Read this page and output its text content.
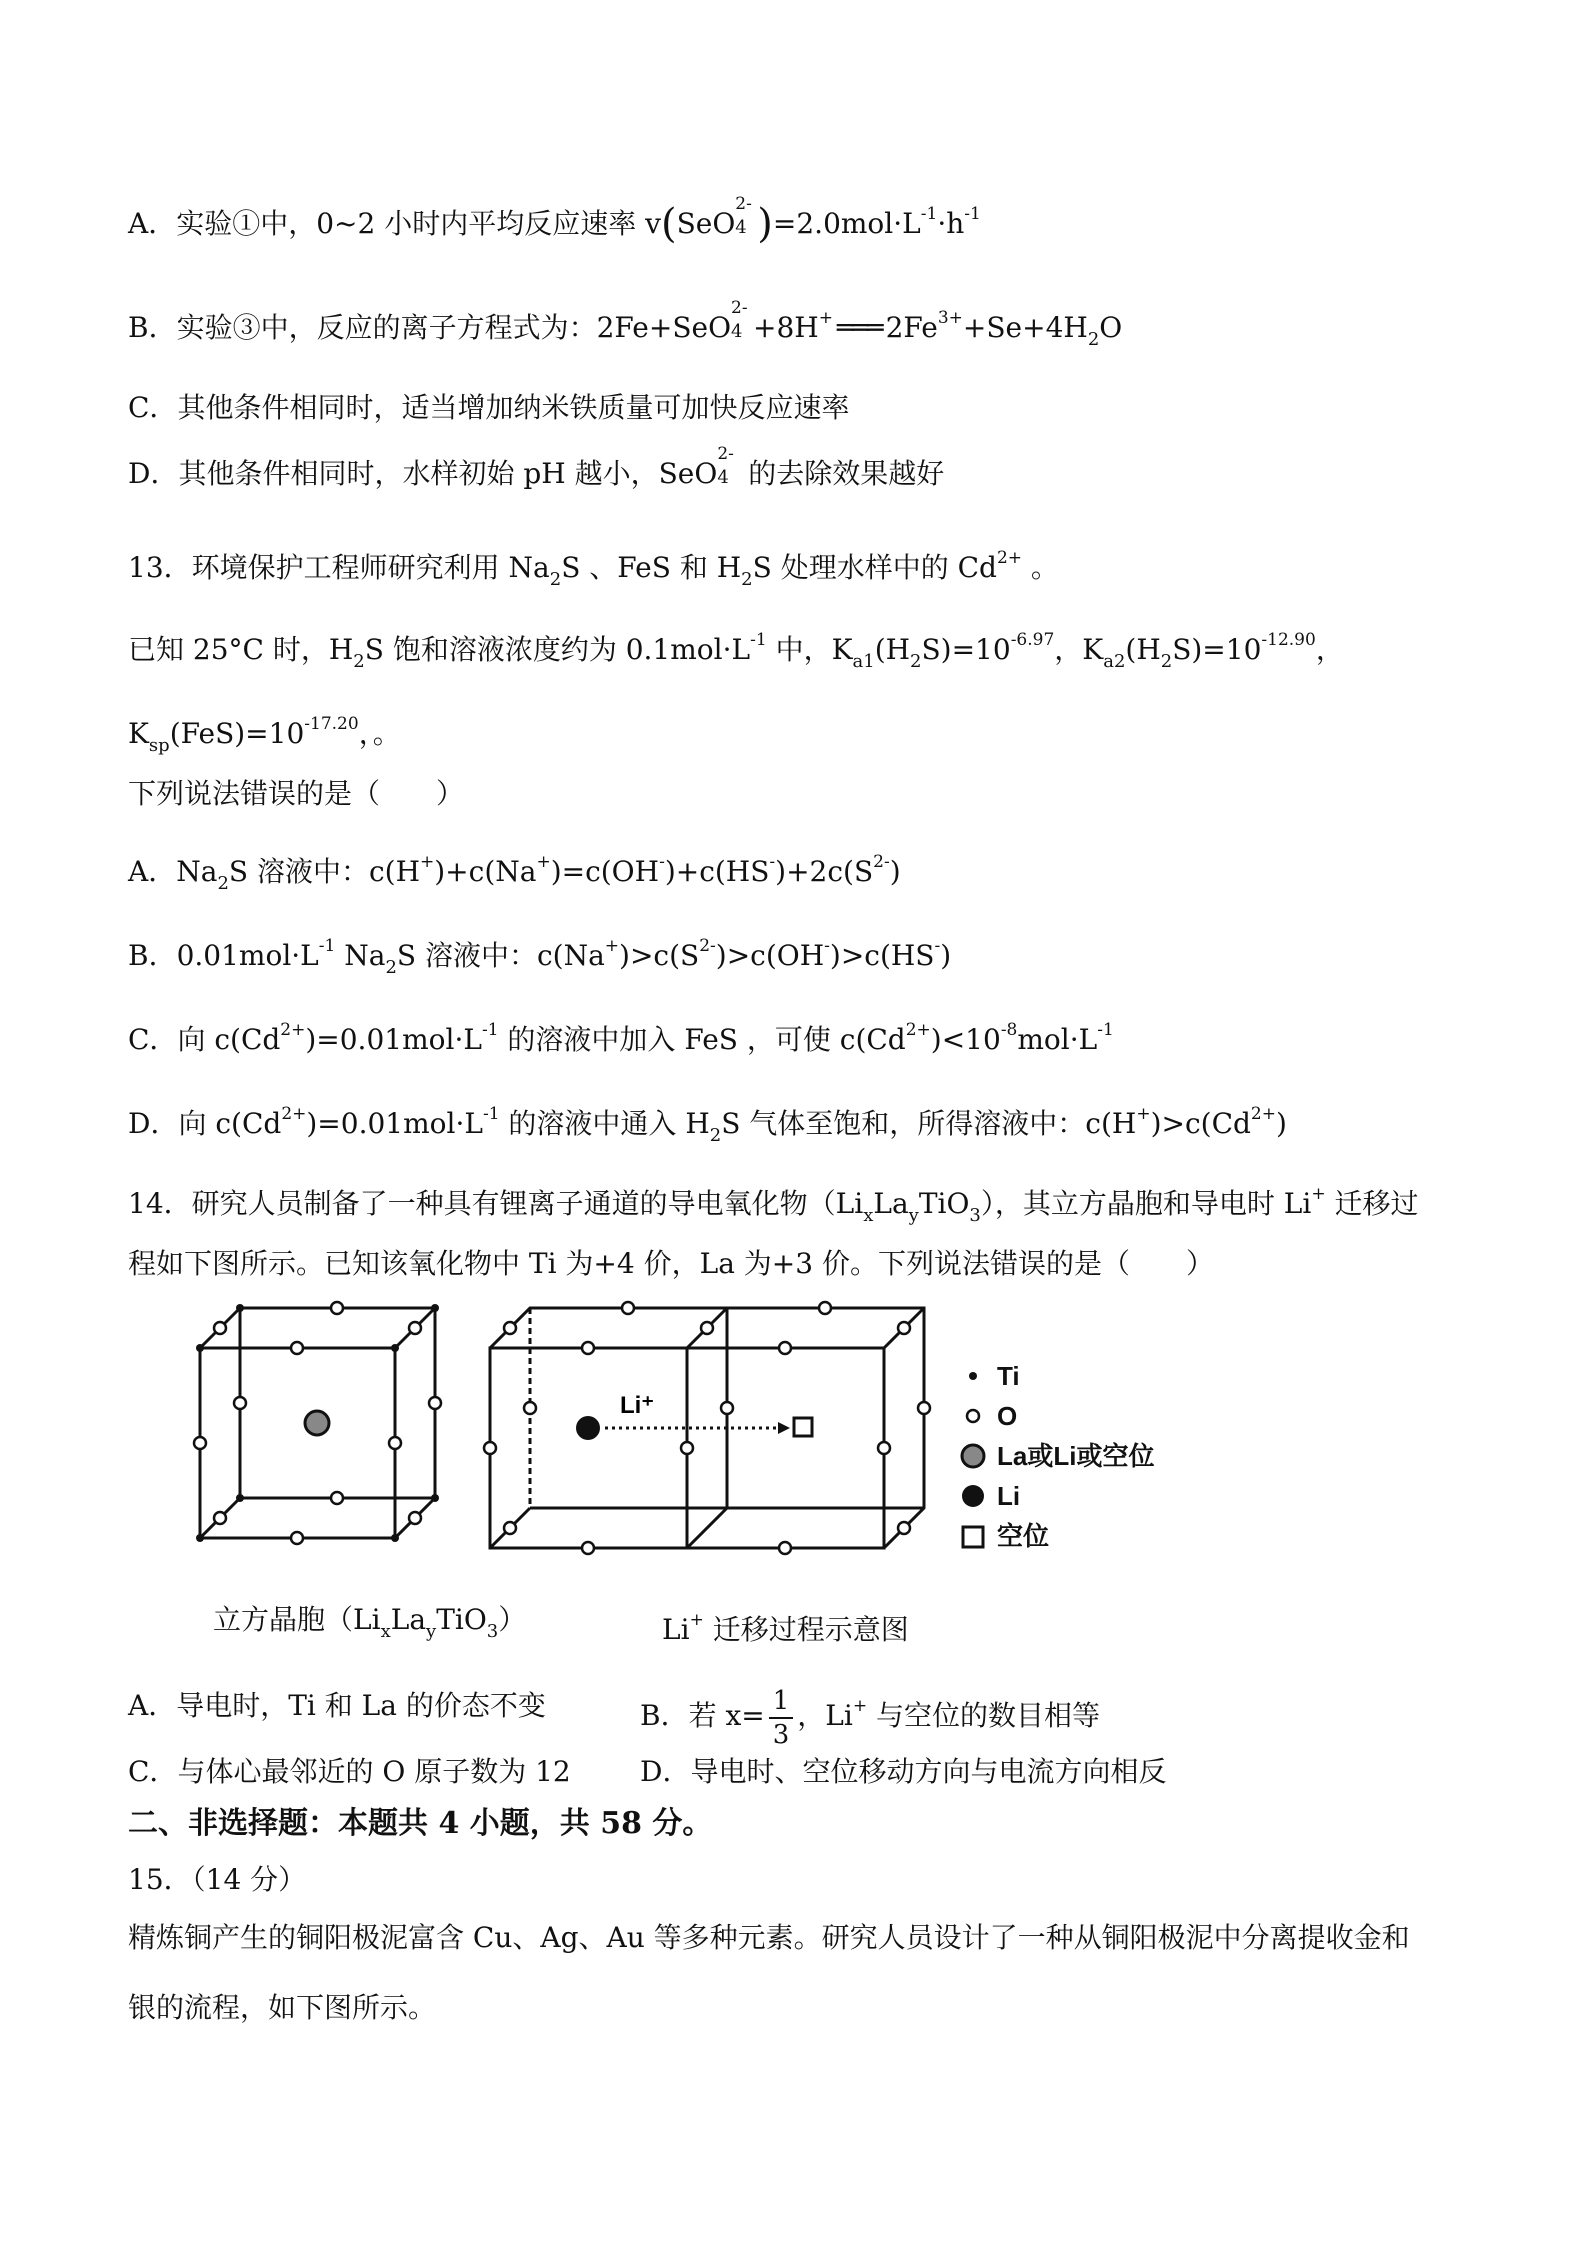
A．实验①中，0~2 小时内平均反应速率 v(SeO
2-
4 )$=2.0mol\cdot L^{-1}\cdot h^{-1}$
B．实验③中，反应的离子方程式为：2Fe+SeO
2-
4 +8H+ ═══ $2Fe^{3+}+Se+4H_2O$
C．其他条件相同时，适当增加纳米铁质量可加快反应速率
D．其他条件相同时，水样初始 pH 越小，SeO
2-
4 的去除效果越好
13．环境保护工程师研究利用 $Na_2S$ 、FeS 和 $H_2S$ 处理水样中的 $Cd^{2+}$ 。
已知 25°C 时，$H_2S$ 饱和溶液浓度约为 $0.1mol\cdot L^{-1}$ 中，$K_{a1}(H_2S)=10^{-6.97}$，$K_{a2}(H_2S)=10^{-12.90}$，
$K_{sp}(FeS)=10^{-17.20}$，。
下列说法错误的是（　　）
A．$Na_2S$ 溶液中：$c(H^+)+c(Na^+)=c(OH^-)+c(HS^-)+2c(S^{2-})$
B．$0.01mol\cdot L^{-1}$ $Na_2S$ 溶液中：$c(Na^+)>c(S^{2-})>c(OH^-)>c(HS^-)$
C．向 $c(Cd^{2+})=0.01mol\cdot L^{-1}$ 的溶液中加入 FeS ，可使 $c(Cd^{2+})<10^{-8}mol\cdot L^{-1}$
D．向 $c(Cd^{2+})=0.01mol\cdot L^{-1}$ 的溶液中通入 $H_2S$ 气体至饱和，所得溶液中：$c(H^+)>c(Cd^{2+})$
14．研究人员制备了一种具有锂离子通道的导电氧化物$(Li_xLa_yTiO_3)$，其立方晶胞和导电时 Li+ 迁移过
程如下图所示。已知该氧化物中 Ti 为+4 价，La 为+3 价。下列说法错误的是（　　）
Li⁺
Ti
O
La或Li或空位
Li
空位
立方晶胞$(Li_xLa_yTiO_3)$	Li+ 迁移过程示意图
A．导电时，Ti 和 La 的价态不变	B．若 $x= \frac{1}{3}$ ，Li+ 与空位的数目相等
C．与体心最邻近的 O 原子数为 12 D．导电时、空位移动方向与电流方向相反
二、非选择题：本题共 4 小题，共 58 分。
15．（14 分）
精炼铜产生的铜阳极泥富含 Cu、Ag、Au 等多种元素。研究人员设计了一种从铜阳极泥中分离提收金和
银的流程，如下图所示。
